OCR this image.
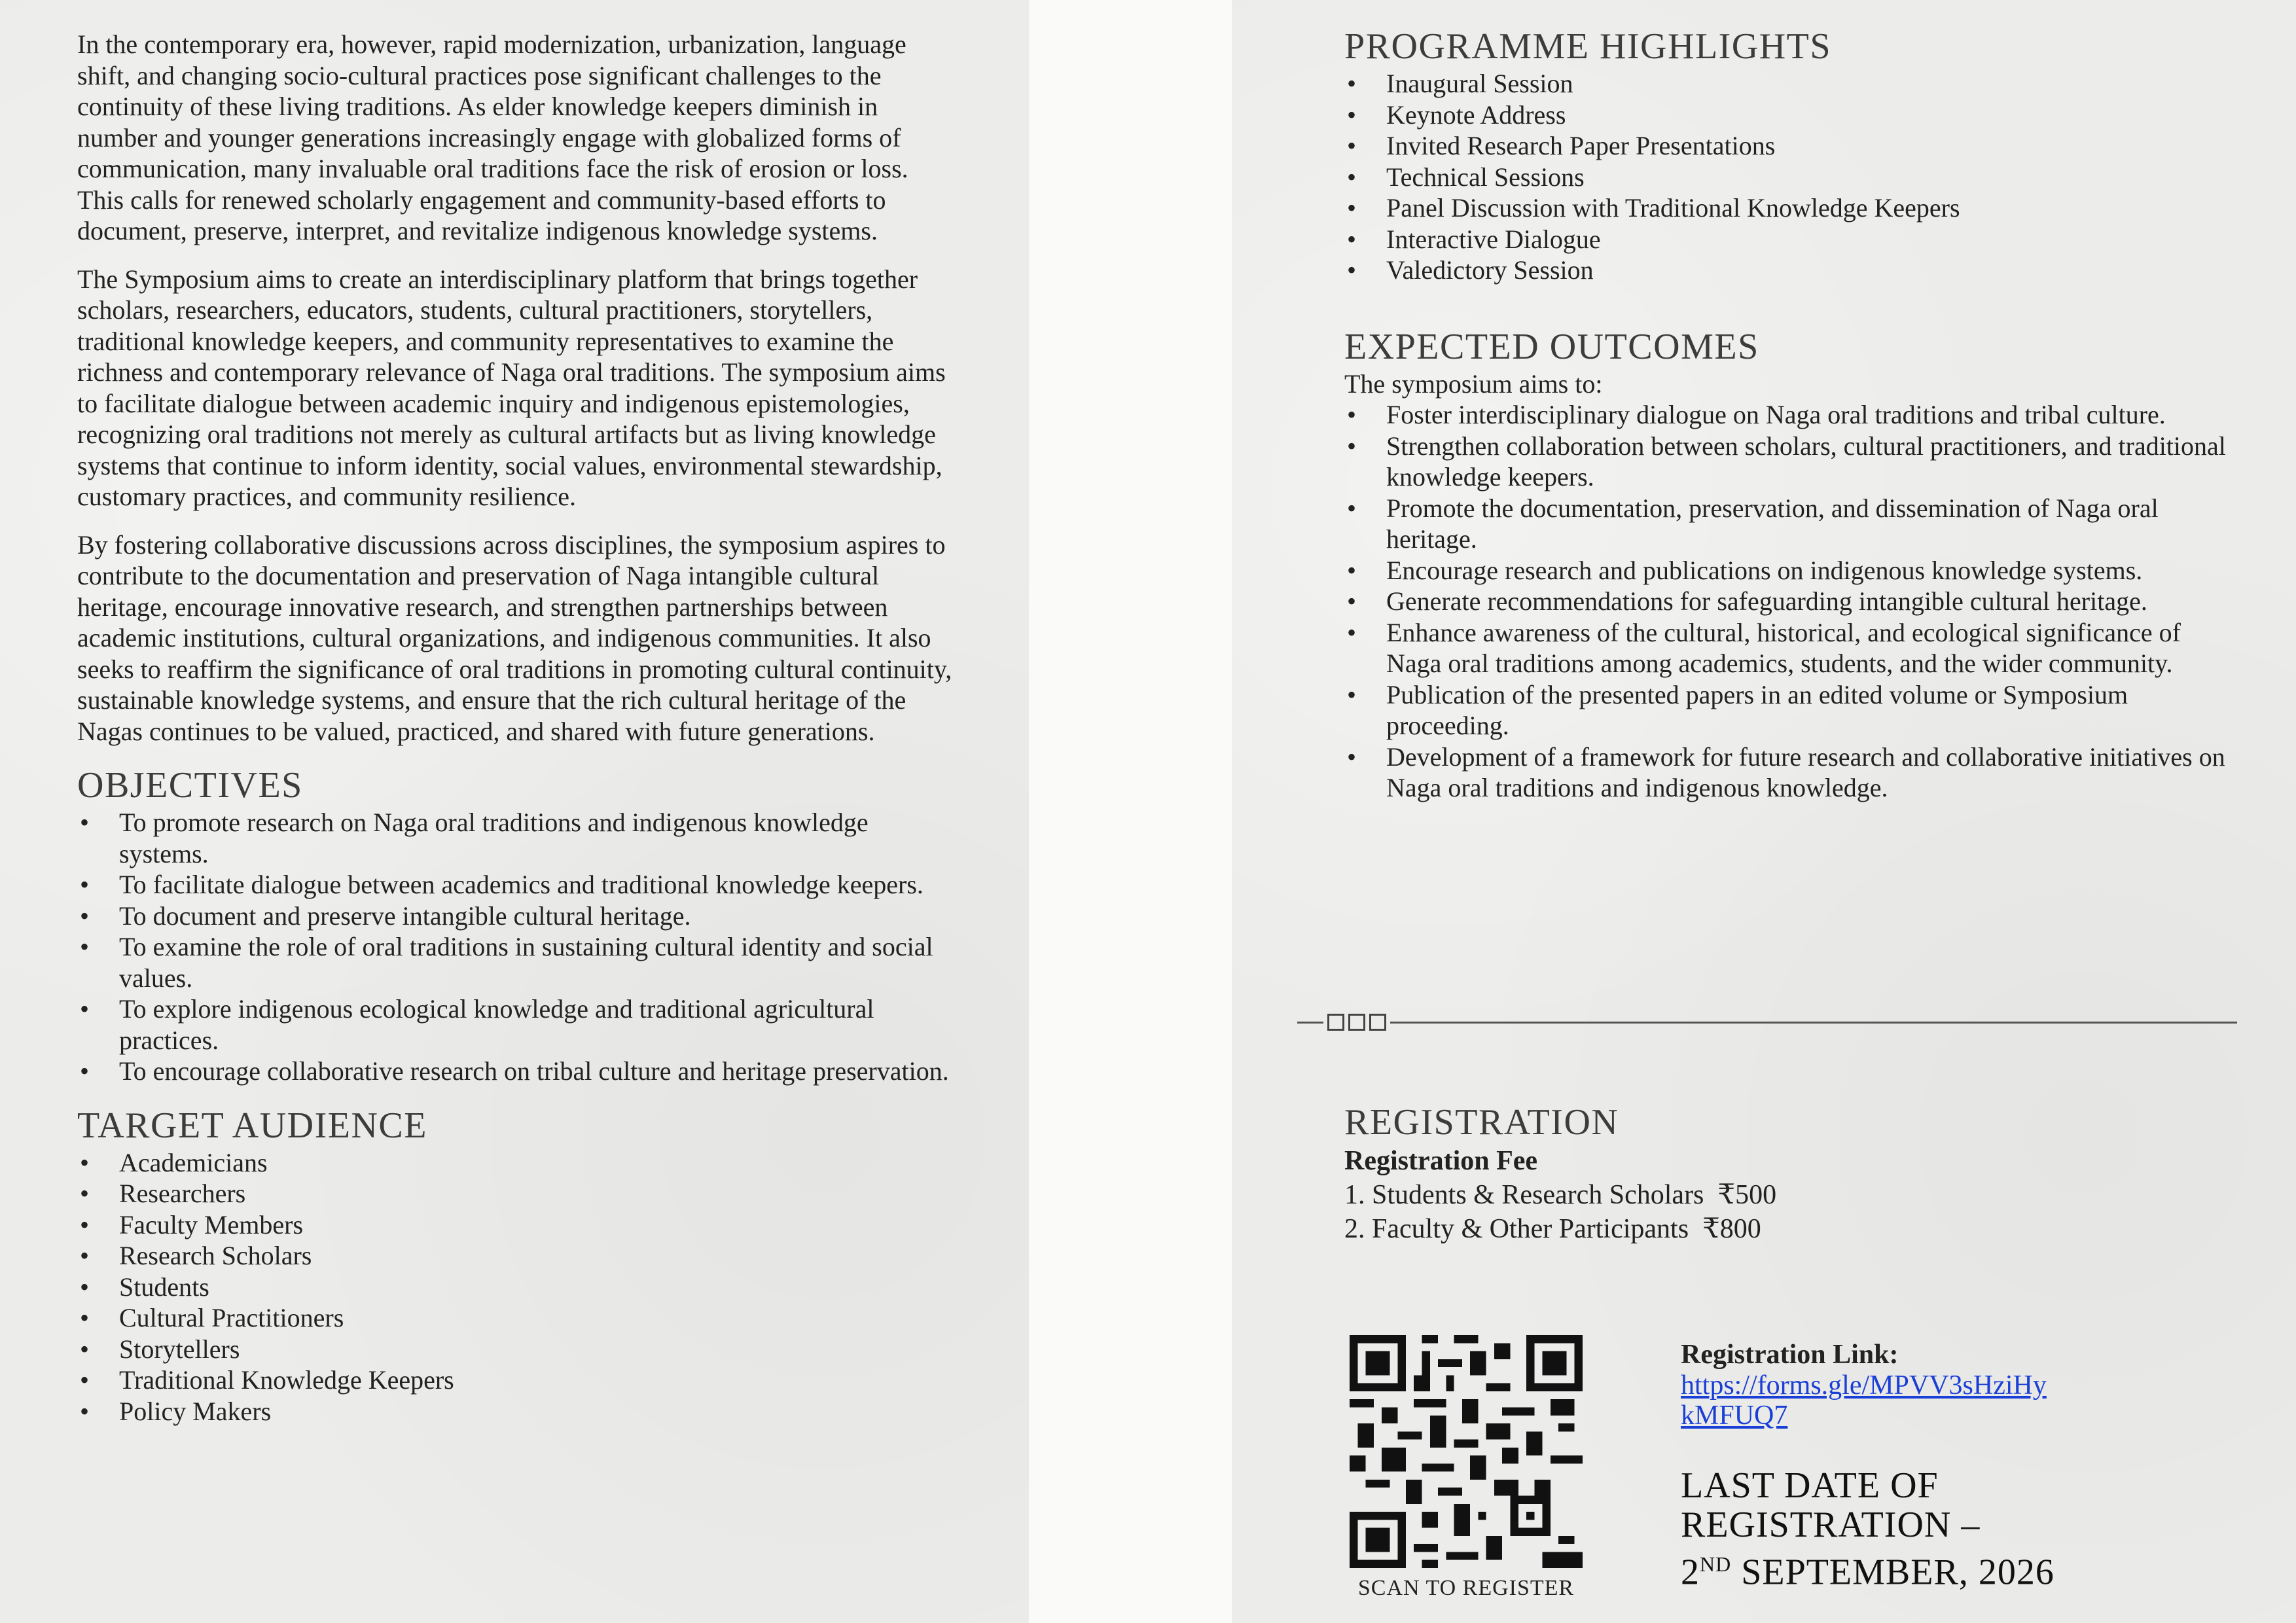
In the contemporary era, however, rapid modernization, urbanization, language shift, and changing socio-cultural practices pose significant challenges to the continuity of these living traditions. As elder knowledge keepers diminish in number and younger generations increasingly engage with globalized forms of communication, many invaluable oral traditions face the risk of erosion or loss. This calls for renewed scholarly engagement and community-based efforts to document, preserve, interpret, and revitalize indigenous knowledge systems.

The Symposium aims to create an interdisciplinary platform that brings together scholars, researchers, educators, students, cultural practitioners, storytellers, traditional knowledge keepers, and community representatives to examine the richness and contemporary relevance of Naga oral traditions. The symposium aims to facilitate dialogue between academic inquiry and indigenous epistemologies, recognizing oral traditions not merely as cultural artifacts but as living knowledge systems that continue to inform identity, social values, environmental stewardship, customary practices, and community resilience.

By fostering collaborative discussions across disciplines, the symposium aspires to contribute to the documentation and preservation of Naga intangible cultural heritage, encourage innovative research, and strengthen partnerships between academic institutions, cultural organizations, and indigenous communities. It also seeks to reaffirm the significance of oral traditions in promoting cultural continuity, sustainable knowledge systems, and ensure that the rich cultural heritage of the Nagas continues to be valued, practiced, and shared with future generations.

OBJECTIVES
• To promote research on Naga oral traditions and indigenous knowledge systems.
• To facilitate dialogue between academics and traditional knowledge keepers.
• To document and preserve intangible cultural heritage.
• To examine the role of oral traditions in sustaining cultural identity and social values.
• To explore indigenous ecological knowledge and traditional agricultural practices.
• To encourage collaborative research on tribal culture and heritage preservation.
TARGET AUDIENCE
• Academicians
• Researchers
• Faculty Members
• Research Scholars
• Students
• Cultural Practitioners
• Storytellers
• Traditional Knowledge Keepers
• Policy Makers
PROGRAMME HIGHLIGHTS
• Inaugural Session
• Keynote Address
• Invited Research Paper Presentations
• Technical Sessions
• Panel Discussion with Traditional Knowledge Keepers
• Interactive Dialogue
• Valedictory Session
EXPECTED OUTCOMES

The symposium aims to:

• Foster interdisciplinary dialogue on Naga oral traditions and tribal culture.
• Strengthen collaboration between scholars, cultural practitioners, and traditional knowledge keepers.
• Promote the documentation, preservation, and dissemination of Naga oral heritage.
• Encourage research and publications on indigenous knowledge systems.
• Generate recommendations for safeguarding intangible cultural heritage.
• Enhance awareness of the cultural, historical, and ecological significance of Naga oral traditions among academics, students, and the wider community.
• Publication of the presented papers in an edited volume or Symposium proceeding.
• Development of a framework for future research and collaborative initiatives on Naga oral traditions and indigenous knowledge.
REGISTRATION
Registration Fee
1. Students & Research Scholars  ₹500
2. Faculty & Other Participants  ₹800
SCAN TO REGISTER
Registration Link:
https://forms.gle/MPVV3sHziHykMFUQ7
LAST DATE OF
REGISTRATION –
2ND SEPTEMBER, 2026
